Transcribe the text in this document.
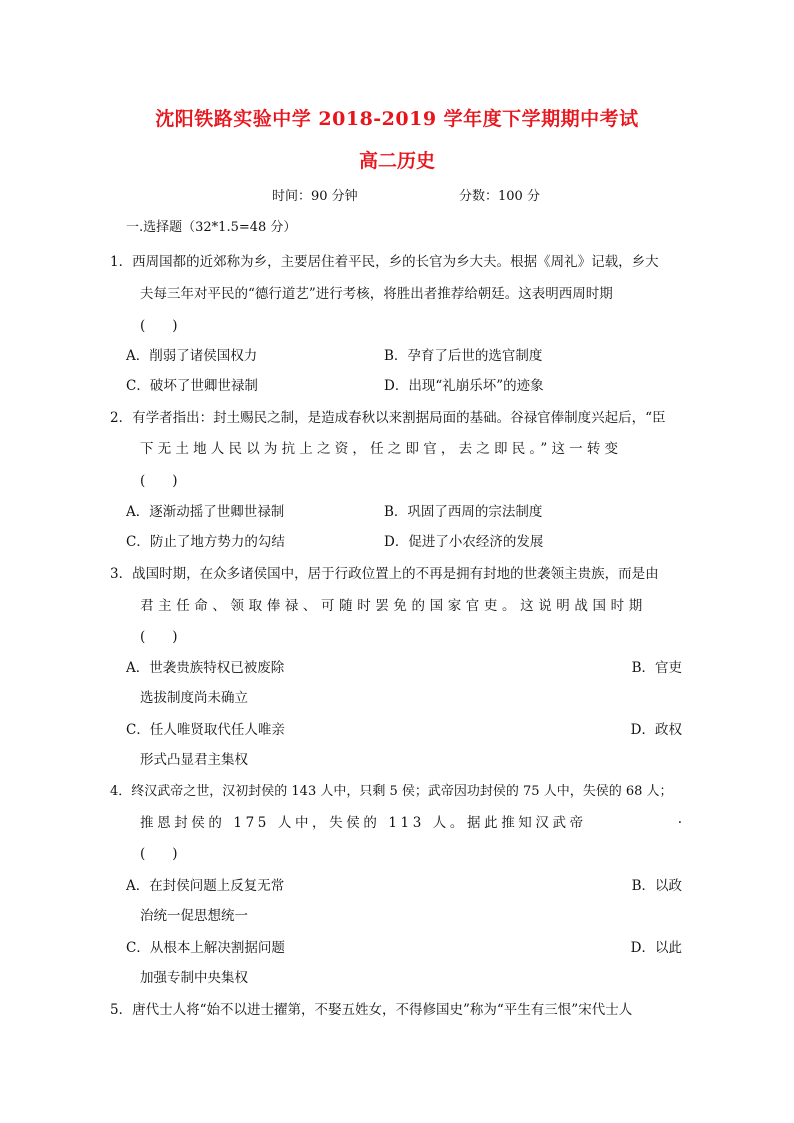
沈阳铁路实验中学 2018-2019 学年度下学期期中考试
高二历史
时间：90 分钟	分数：100 分
一.选择题（32*1.5=48 分）
1．西周国都的近郊称为乡，主要居住着平民，乡的长官为乡大夫。根据《周礼》记载，乡大
夫每三年对平民的“德行道艺”进行考核，将胜出者推荐给朝廷。这表明西周时期
(　　)
A．削弱了诸侯国权力	B．孕育了后世的选官制度
C．破坏了世卿世禄制	D．出现“礼崩乐坏”的迹象
2．有学者指出：封土赐民之制，是造成春秋以来割据局面的基础。谷禄官俸制度兴起后，“臣
下无土地人民以为抗上之资，任之即官，去之即民。”这一转变
(　　)
A．逐渐动摇了世卿世禄制	B．巩固了西周的宗法制度
C．防止了地方势力的勾结	D．促进了小农经济的发展
3．战国时期，在众多诸侯国中，居于行政位置上的不再是拥有封地的世袭领主贵族，而是由
君主任命、领取俸禄、可随时罢免的国家官吏。这说明战国时期
(　　)
A．世袭贵族特权已被废除	B．官吏
选拔制度尚未确立
C．任人唯贤取代任人唯亲	D．政权
形式凸显君主集权
4．终汉武帝之世，汉初封侯的 143 人中，只剩 5 侯；武帝因功封侯的 75 人中，失侯的 68 人；
推恩封侯的 175 人中，失侯的 113 人。据此推知汉武帝	.
(　　)
A．在封侯问题上反复无常	B．以政
治统一促思想统一
C．从根本上解决割据问题	D．以此
加强专制中央集权
5．唐代士人将“始不以进士擢第，不娶五姓女，不得修国史”称为“平生有三恨”宋代士人
